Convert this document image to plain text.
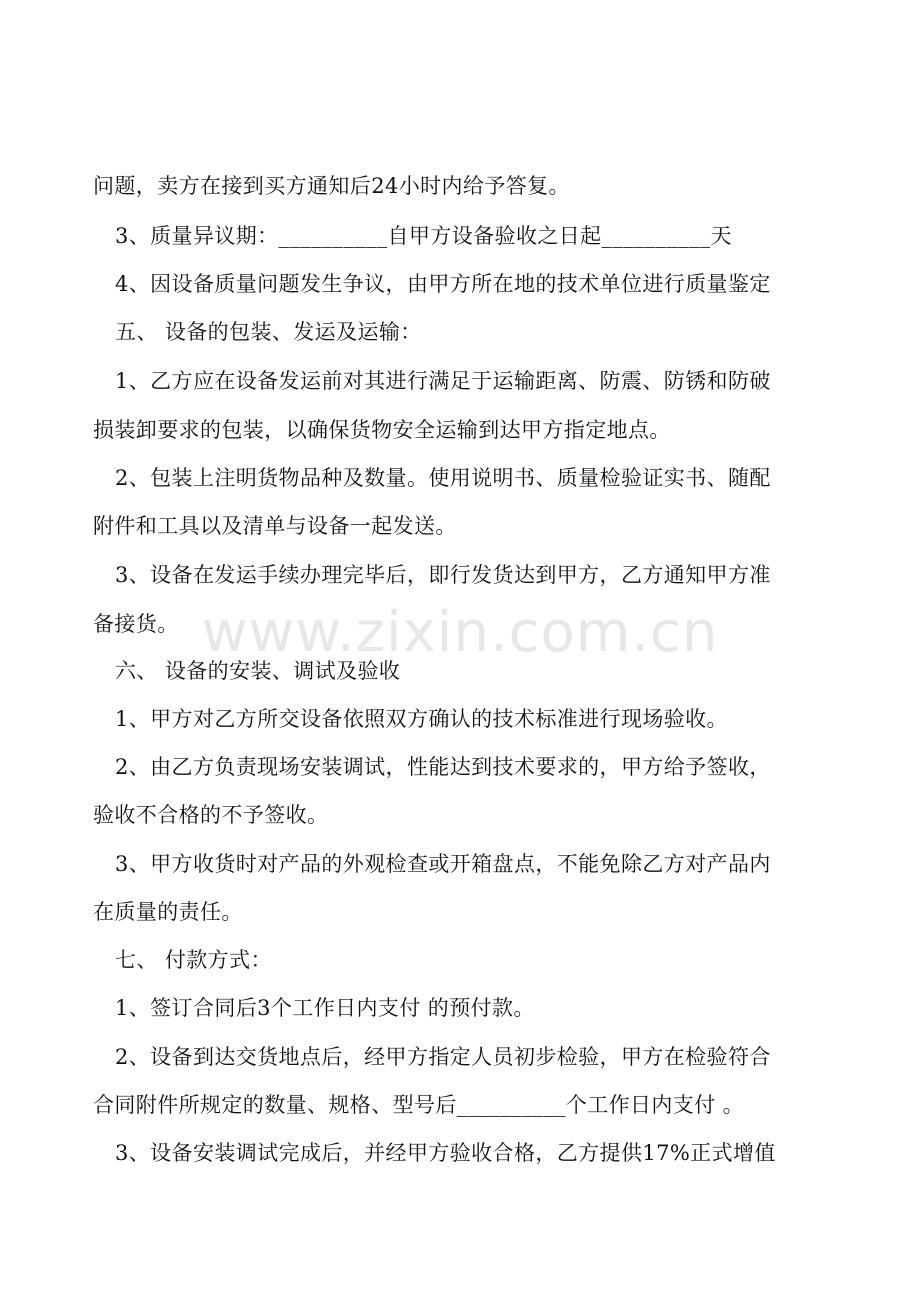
问题，卖方在接到买方通知后24小时内给予答复。
3、质量异议期：__________自甲方设备验收之日起__________天
4、因设备质量问题发生争议，由甲方所在地的技术单位进行质量鉴定
五、 设备的包装、发运及运输：
1、乙方应在设备发运前对其进行满足于运输距离、防震、防锈和防破
损装卸要求的包装，以确保货物安全运输到达甲方指定地点。
2、包装上注明货物品种及数量。使用说明书、质量检验证实书、随配
附件和工具以及清单与设备一起发送。
3、设备在发运手续办理完毕后，即行发货达到甲方，乙方通知甲方准
备接货。
六、 设备的安装、调试及验收
1、甲方对乙方所交设备依照双方确认的技术标准进行现场验收。
2、由乙方负责现场安装调试，性能达到技术要求的，甲方给予签收，
验收不合格的不予签收。
3、甲方收货时对产品的外观检查或开箱盘点，不能免除乙方对产品内
在质量的责任。
七、 付款方式：
1、签订合同后3个工作日内支付 的预付款。
2、设备到达交货地点后，经甲方指定人员初步检验，甲方在检验符合
合同附件所规定的数量、规格、型号后__________个工作日内支付 。
3、设备安装调试完成后，并经甲方验收合格，乙方提供17%正式增值
www.zixin.com.cn
